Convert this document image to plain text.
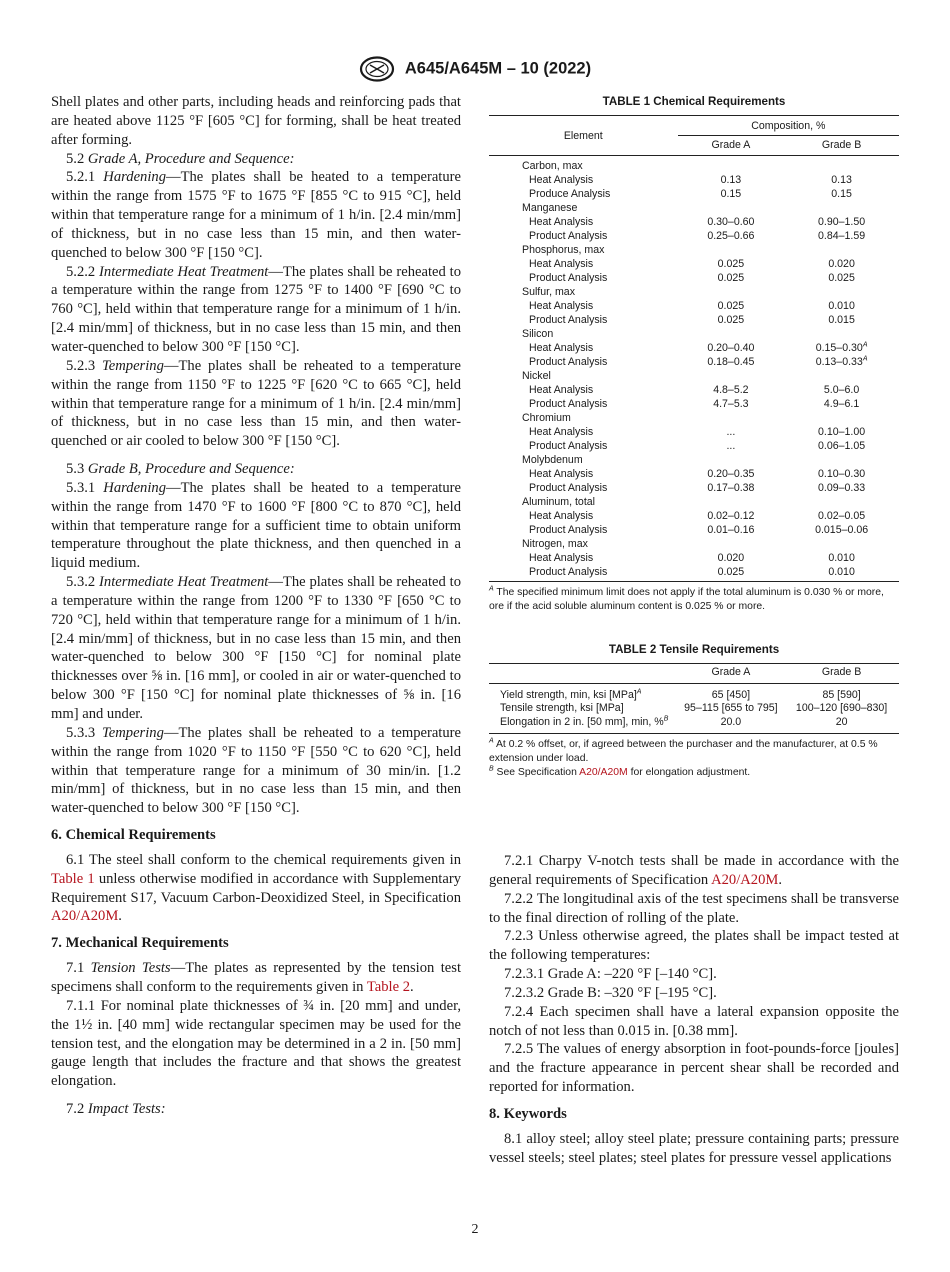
A645/A645M – 10 (2022)

Shell plates and other parts, including heads and reinforcing pads that are heated above 1125 °F [605 °C] for forming, shall be heat treated after forming.

5.2 Grade A, Procedure and Sequence:

5.2.1 Hardening—The plates shall be heated to a temperature within the range from 1575 °F to 1675 °F [855 °C to 915 °C], held within that temperature range for a minimum of 1 h/in. [2.4 min/mm] of thickness, but in no case less than 15 min, and then water-quenched to below 300 °F [150 °C].

5.2.2 Intermediate Heat Treatment—The plates shall be reheated to a temperature within the range from 1275 °F to 1400 °F [690 °C to 760 °C], held within that temperature range for a minimum of 1 h/in. [2.4 min/mm] of thickness, but in no case less than 15 min, and then water-quenched to below 300 °F [150 °C].

5.2.3 Tempering—The plates shall be reheated to a temperature within the range from 1150 °F to 1225 °F [620 °C to 665 °C], held within that temperature range for a minimum of 1 h/in. [2.4 min/mm] of thickness, but in no case less than 15 min, and then water-quenched or air cooled to below 300 °F [150 °C].

5.3 Grade B, Procedure and Sequence:

5.3.1 Hardening—The plates shall be heated to a temperature within the range from 1470 °F to 1600 °F [800 °C to 870 °C], held within that temperature range for a sufficient time to obtain uniform temperature throughout the plate thickness, and then quenched in a liquid medium.

5.3.2 Intermediate Heat Treatment—The plates shall be reheated to a temperature within the range from 1200 °F to 1330 °F [650 °C to 720 °C], held within that temperature range for a minimum of 1 h/in. [2.4 min/mm] of thickness, but in no case less than 15 min, and then water-quenched to below 300 °F [150 °C] for nominal plate thicknesses over ⅝ in. [16 mm], or cooled in air or water-quenched to below 300 °F [150 °C] for nominal plate thicknesses of ⅝ in. [16 mm] and under.

5.3.3 Tempering—The plates shall be reheated to a temperature within the range from 1020 °F to 1150 °F [550 °C to 620 °C], held within that temperature range for a minimum of 30 min/in. [1.2 min/mm] of thickness, but in no case less than 15 min, and then water-quenched to below 300 °F [150 °C].

6. Chemical Requirements

6.1 The steel shall conform to the chemical requirements given in Table 1 unless otherwise modified in accordance with Supplementary Requirement S17, Vacuum Carbon-Deoxidized Steel, in Specification A20/A20M.

7. Mechanical Requirements

7.1 Tension Tests—The plates as represented by the tension test specimens shall conform to the requirements given in Table 2.

7.1.1 For nominal plate thicknesses of ¾ in. [20 mm] and under, the 1½ in. [40 mm] wide rectangular specimen may be used for the tension test, and the elongation may be determined in a 2 in. [50 mm] gauge length that includes the fracture and that shows the greatest elongation.

7.2 Impact Tests:

TABLE 1 Chemical Requirements
Element	Composition, %	
	Grade A	Grade B
Carbon, max		
Heat Analysis	0.13	0.13
Produce Analysis	0.15	0.15
Manganese		
Heat Analysis	0.30–0.60	0.90–1.50
Product Analysis	0.25–0.66	0.84–1.59
Phosphorus, max		
Heat Analysis	0.025	0.020
Product Analysis	0.025	0.025
Sulfur, max		
Heat Analysis	0.025	0.010
Product Analysis	0.025	0.015
Silicon		
Heat Analysis	0.20–0.40	$0.15-0.30^A$
Product Analysis	0.18–0.45	$0.13-0.33^A$
Nickel		
Heat Analysis	4.8–5.2	5.0–6.0
Product Analysis	4.7–5.3	4.9–6.1
Chromium		
Heat Analysis	...	0.10–1.00
Product Analysis	...	0.06–1.05
Molybdenum		
Heat Analysis	0.20–0.35	0.10–0.30
Product Analysis	0.17–0.38	0.09–0.33
Aluminum, total		
Heat Analysis	0.02–0.12	0.02–0.05
Product Analysis	0.01–0.16	0.015–0.06
Nitrogen, max		
Heat Analysis	0.020	0.010
Product Analysis	0.025	0.010
$^A$ The specified minimum limit does not apply if the total aluminum is 0.030 % or more, ore if the acid soluble aluminum content is 0.025 % or more.
TABLE 2 Tensile Requirements
	Grade A	Grade B
Yield strength, min, ksi [MPa]$^A$	65 [450]	85 [590]
Tensile strength, ksi [MPa]	95–115 [655 to 795]	100–120 [690–830]
Elongation in 2 in. [50 mm], min, %$^B$	20.0	20
$^A$ At 0.2 % offset, or, if agreed between the purchaser and the manufacturer, at 0.5 % extension under load.
$^B$ See Specification A20/A20M for elongation adjustment.

7.2.1 Charpy V-notch tests shall be made in accordance with the general requirements of Specification A20/A20M.

7.2.2 The longitudinal axis of the test specimens shall be transverse to the final direction of rolling of the plate.

7.2.3 Unless otherwise agreed, the plates shall be impact tested at the following temperatures:

7.2.3.1 Grade A: –220 °F [–140 °C].

7.2.3.2 Grade B: –320 °F [–195 °C].

7.2.4 Each specimen shall have a lateral expansion opposite the notch of not less than 0.015 in. [0.38 mm].

7.2.5 The values of energy absorption in foot-pounds-force [joules] and the fracture appearance in percent shear shall be recorded and reported for information.

8. Keywords

8.1 alloy steel; alloy steel plate; pressure containing parts; pressure vessel steels; steel plates; steel plates for pressure vessel applications

2
